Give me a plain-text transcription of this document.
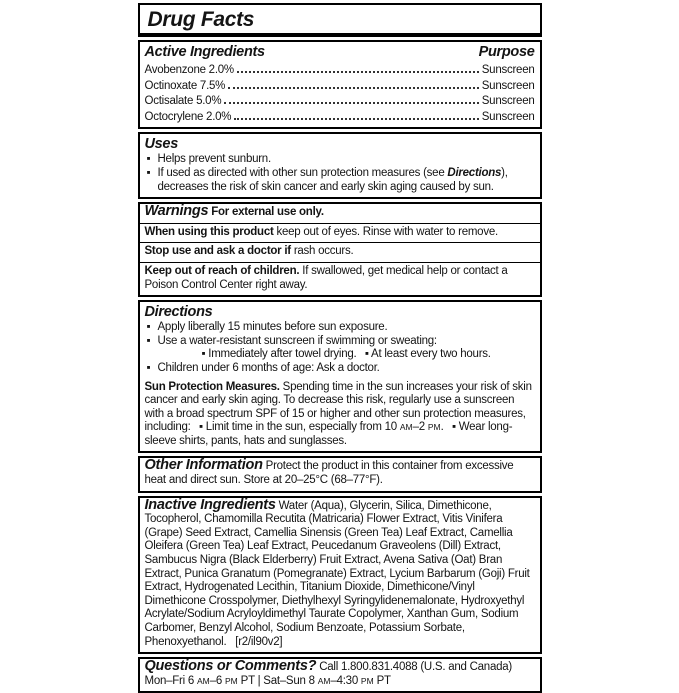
Drug Facts
Active Ingredients	Purpose
Avobenzone 2.0%	Sunscreen
Octinoxate 7.5%	Sunscreen
Octisalate 5.0%	Sunscreen
Octocrylene 2.0%	Sunscreen
Uses
▪ Helps prevent sunburn.
▪ If used as directed with other sun protection measures (see Directions), decreases the risk of skin cancer and early skin aging caused by sun.
Warnings For external use only.
When using this product keep out of eyes. Rinse with water to remove.
Stop use and ask a doctor if rash occurs.
Keep out of reach of children. If swallowed, get medical help or contact a Poison Control Center right away.
Directions
▪ Apply liberally 15 minutes before sun exposure.
▪ Use a water-resistant sunscreen if swimming or sweating:
▪ Immediately after towel drying.  ▪ At least every two hours.
▪ Children under 6 months of age: Ask a doctor.
Sun Protection Measures. Spending time in the sun increases your risk of skin cancer and early skin aging. To decrease this risk, regularly use a sunscreen with a broad spectrum SPF of 15 or higher and other sun protection measures, including:  ▪ Limit time in the sun, especially from 10 AM–2 PM.  ▪ Wear long-sleeve shirts, pants, hats and sunglasses.
Other Information Protect the product in this container from excessive heat and direct sun. Store at 20–25°C (68–77°F).
Inactive Ingredients Water (Aqua), Glycerin, Silica, Dimethicone, Tocopherol, Chamomilla Recutita (Matricaria) Flower Extract, Vitis Vinifera (Grape) Seed Extract, Camellia Sinensis (Green Tea) Leaf Extract, Camellia Oleifera (Green Tea) Leaf Extract, Peucedanum Graveolens (Dill) Extract, Sambucus Nigra (Black Elderberry) Fruit Extract, Avena Sativa (Oat) Bran Extract, Punica Granatum (Pomegranate) Extract, Lycium Barbarum (Goji) Fruit Extract, Hydrogenated Lecithin, Titanium Dioxide, Dimethicone/Vinyl Dimethicone Crosspolymer, Diethylhexyl Syringylidenemalonate, Hydroxyethyl Acrylate/Sodium Acryloyldimethyl Taurate Copolymer, Xanthan Gum, Sodium Carbomer, Benzyl Alcohol, Sodium Benzoate, Potassium Sorbate, Phenoxyethanol.   [r2/il90v2]
Questions or Comments? Call 1.800.831.4088 (U.S. and Canada)
Mon–Fri 6 AM–6 PM PT | Sat–Sun 8 AM–4:30 PM PT
